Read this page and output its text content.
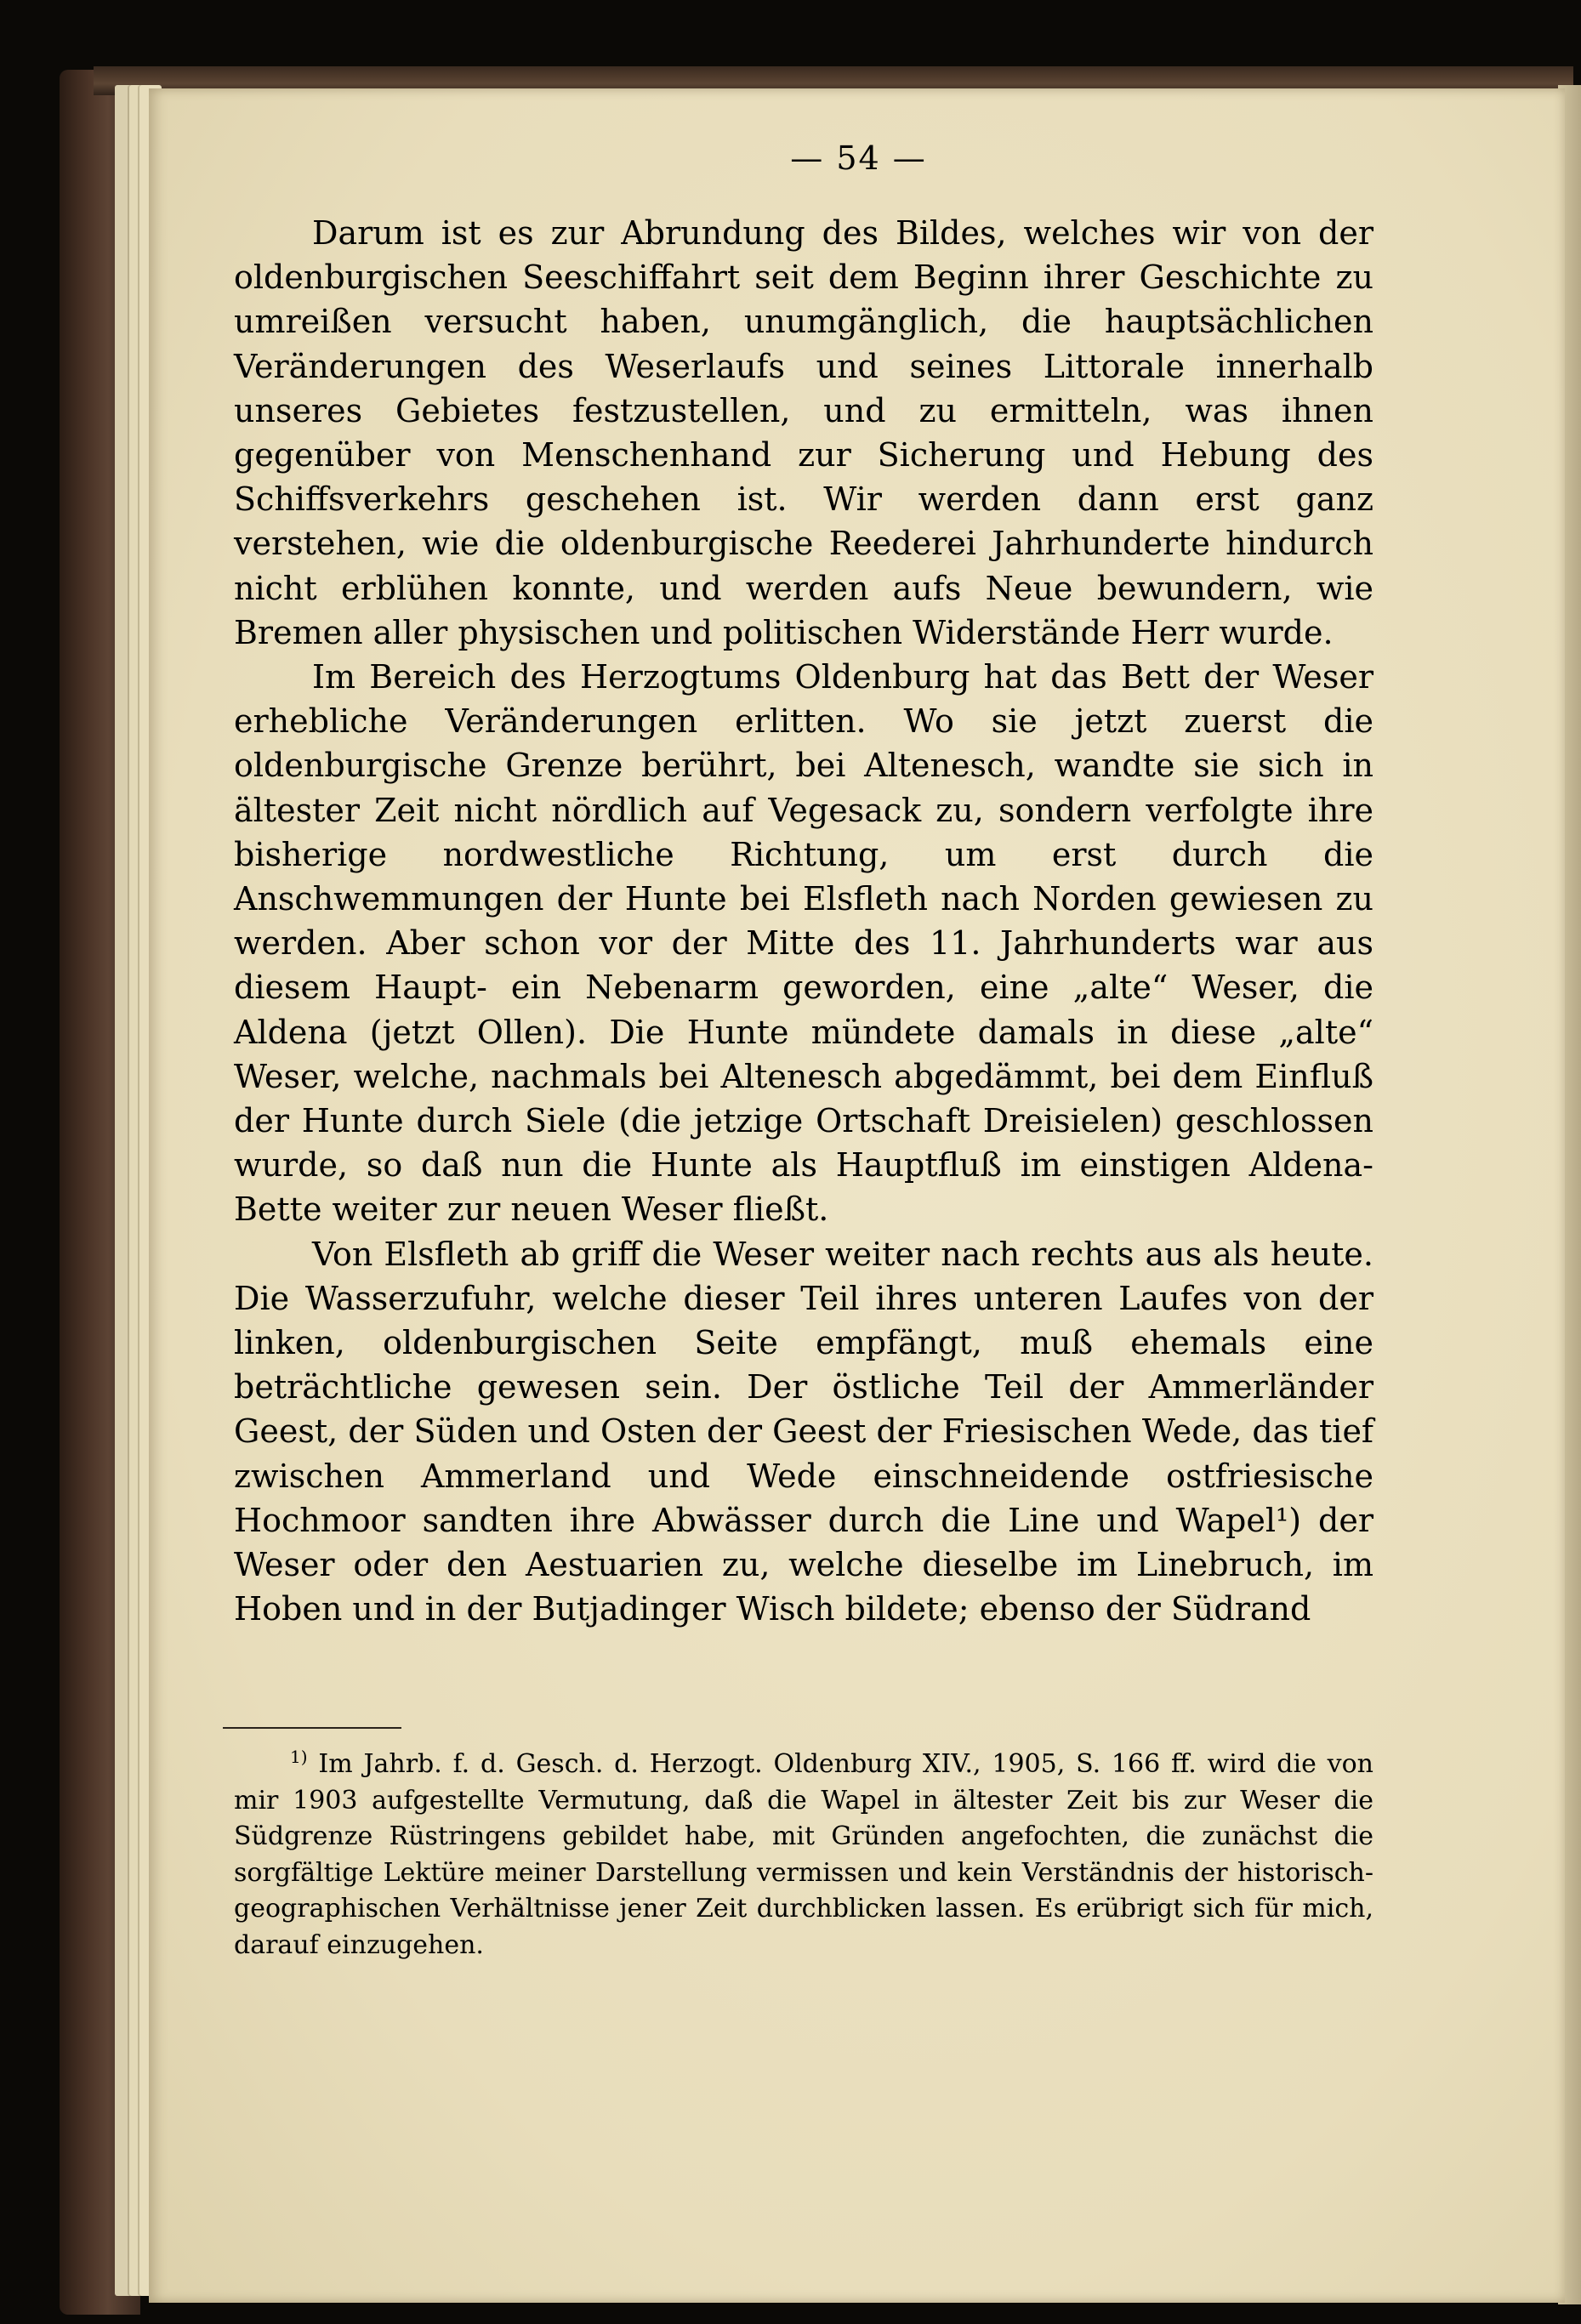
— 54 —

Darum ist es zur Abrundung des Bildes, welches wir von der oldenburgischen Seeschiffahrt seit dem Beginn ihrer Geschichte zu umreißen versucht haben, unumgänglich, die hauptsächlichen Veränderungen des Weserlaufs und seines Littorale innerhalb unseres Gebietes festzustellen, und zu ermitteln, was ihnen gegenüber von Menschenhand zur Sicherung und Hebung des Schiffsverkehrs geschehen ist. Wir werden dann erst ganz verstehen, wie die oldenburgische Reederei Jahrhunderte hindurch nicht erblühen konnte, und werden aufs Neue bewundern, wie Bremen aller physischen und politischen Widerstände Herr wurde.

Im Bereich des Herzogtums Oldenburg hat das Bett der Weser erhebliche Veränderungen erlitten. Wo sie jetzt zuerst die oldenburgische Grenze berührt, bei Altenesch, wandte sie sich in ältester Zeit nicht nördlich auf Vegesack zu, sondern verfolgte ihre bisherige nordwestliche Richtung, um erst durch die Anschwemmungen der Hunte bei Elsfleth nach Norden gewiesen zu werden. Aber schon vor der Mitte des 11. Jahrhunderts war aus diesem Haupt- ein Nebenarm geworden, eine „alte“ Weser, die Aldena (jetzt Ollen). Die Hunte mündete damals in diese „alte“ Weser, welche, nachmals bei Altenesch abgedämmt, bei dem Einfluß der Hunte durch Siele (die jetzige Ortschaft Dreisielen) geschlossen wurde, so daß nun die Hunte als Hauptfluß im einstigen Aldena-Bette weiter zur neuen Weser fließt.

Von Elsfleth ab griff die Weser weiter nach rechts aus als heute. Die Wasserzufuhr, welche dieser Teil ihres unteren Laufes von der linken, oldenburgischen Seite empfängt, muß ehemals eine beträchtliche gewesen sein. Der östliche Teil der Ammerländer Geest, der Süden und Osten der Geest der Friesischen Wede, das tief zwischen Ammerland und Wede einschneidende ostfriesische Hochmoor sandten ihre Abwässer durch die Line und Wapel¹) der Weser oder den Aestuarien zu, welche dieselbe im Linebruch, im Hoben und in der Butjadinger Wisch bildete; ebenso der Südrand

$^{1)}$ Im Jahrb. f. d. Gesch. d. Herzogt. Oldenburg XIV., 1905, S. 166 ff. wird die von mir 1903 aufgestellte Vermutung, daß die Wapel in ältester Zeit bis zur Weser die Südgrenze Rüstringens gebildet habe, mit Gründen angefochten, die zunächst die sorgfältige Lektüre meiner Darstellung vermissen und kein Verständnis der historisch-geographischen Verhältnisse jener Zeit durchblicken lassen. Es erübrigt sich für mich, darauf einzugehen.
